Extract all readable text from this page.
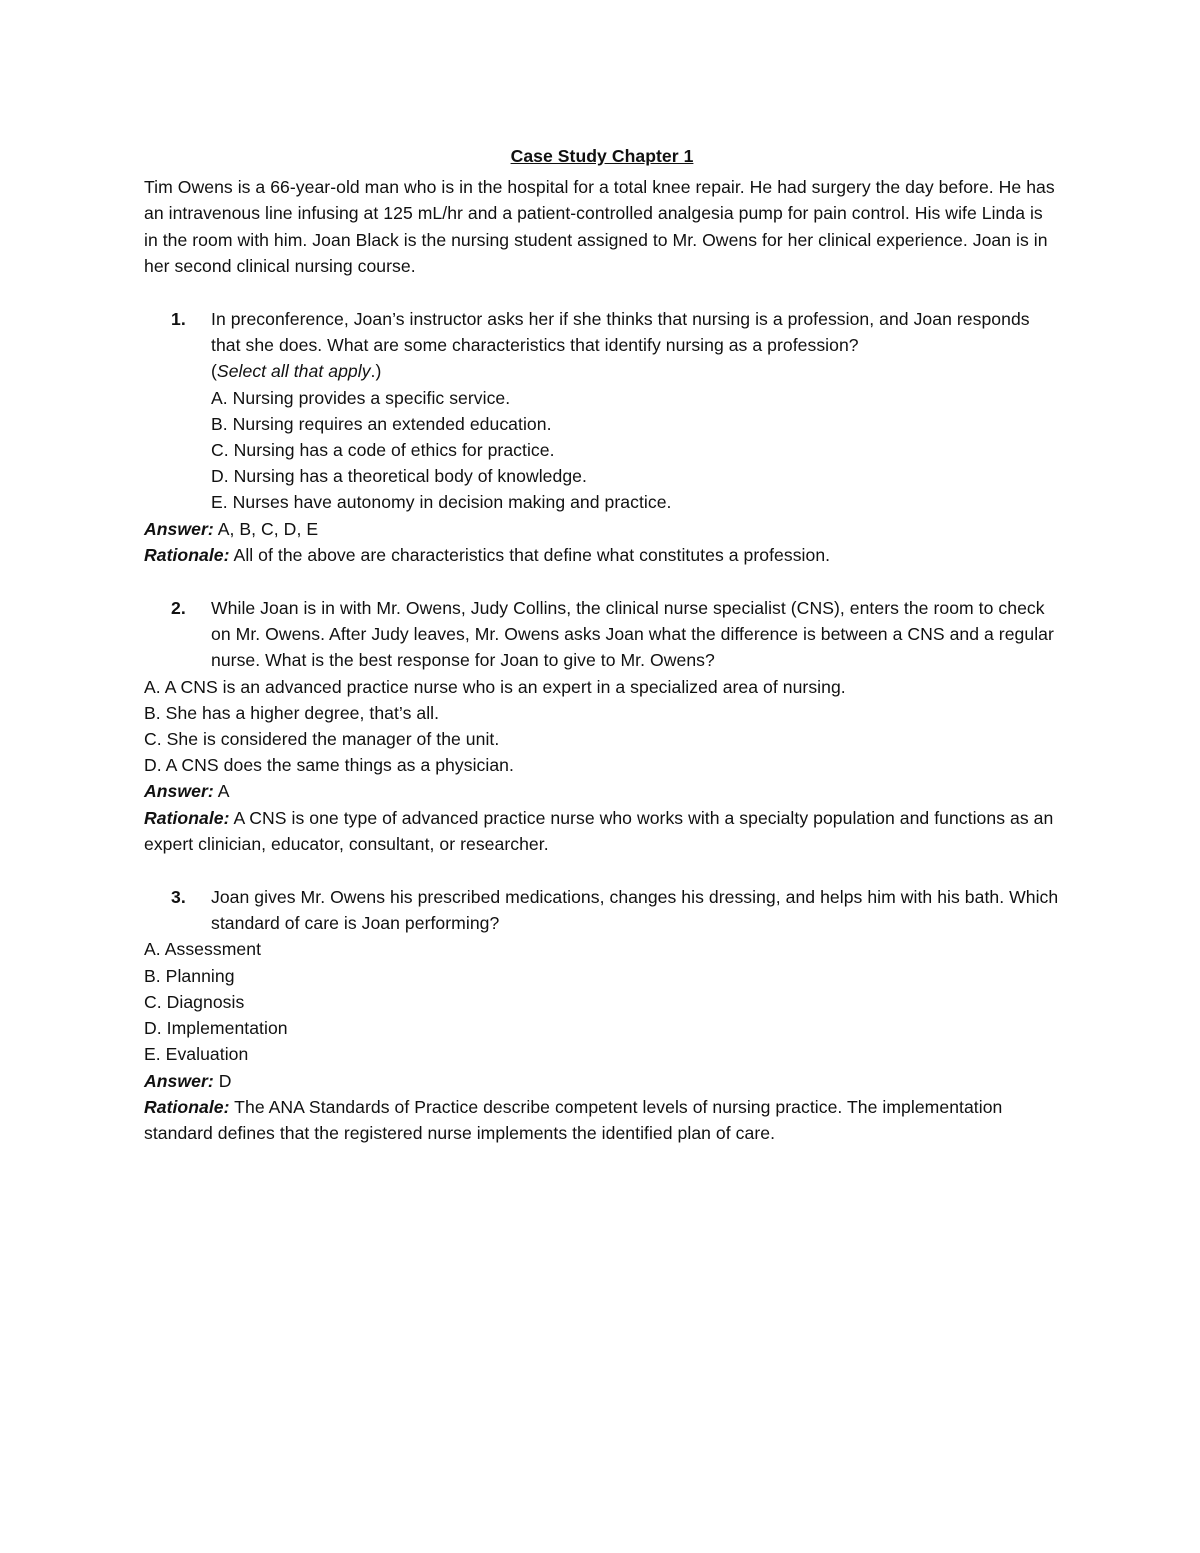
Case Study Chapter 1

Tim Owens is a 66-year-old man who is in the hospital for a total knee repair. He had surgery the day before. He has an intravenous line infusing at 125 mL/hr and a patient-controlled analgesia pump for pain control. His wife Linda is in the room with him. Joan Black is the nursing student assigned to Mr. Owens for her clinical experience. Joan is in her second clinical nursing course.

1.	In preconference, Joan’s instructor asks her if she thinks that nursing is a profession, and Joan responds that she does. What are some characteristics that identify nursing as a profession?
(Select all that apply.)

A. Nursing provides a specific service.

B. Nursing requires an extended education.

C. Nursing has a code of ethics for practice.

D. Nursing has a theoretical body of knowledge.

E. Nurses have autonomy in decision making and practice.

Answer: A, B, C, D, E

Rationale: All of the above are characteristics that define what constitutes a profession.

2.	While Joan is in with Mr. Owens, Judy Collins, the clinical nurse specialist (CNS), enters the room to check on Mr. Owens. After Judy leaves, Mr. Owens asks Joan what the difference is between a CNS and a regular nurse. What is the best response for Joan to give to Mr. Owens?

A. A CNS is an advanced practice nurse who is an expert in a specialized area of nursing.

B. She has a higher degree, that’s all.

C. She is considered the manager of the unit.

D. A CNS does the same things as a physician.

Answer: A

Rationale: A CNS is one type of advanced practice nurse who works with a specialty population and functions as an expert clinician, educator, consultant, or researcher.

3.	Joan gives Mr. Owens his prescribed medications, changes his dressing, and helps him with his bath. Which standard of care is Joan performing?

A. Assessment

B. Planning

C. Diagnosis

D. Implementation

E. Evaluation

Answer: D

Rationale: The ANA Standards of Practice describe competent levels of nursing practice. The implementation standard defines that the registered nurse implements the identified plan of care.
